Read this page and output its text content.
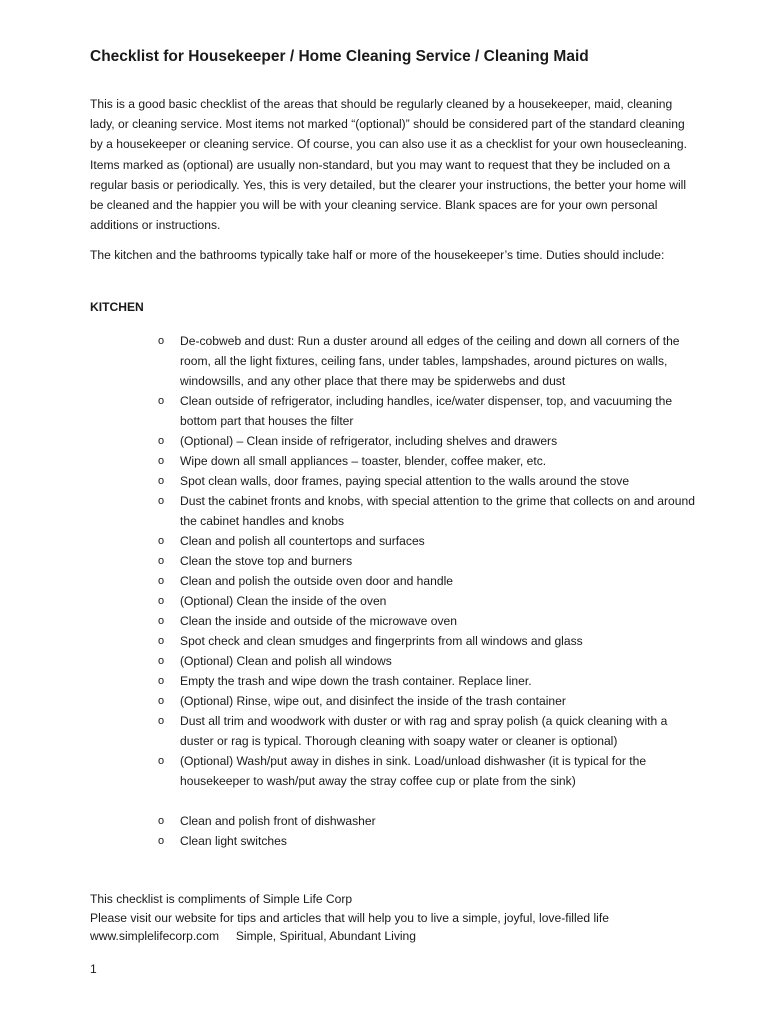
Checklist for Housekeeper / Home Cleaning Service / Cleaning Maid

This is a good basic checklist of the areas that should be regularly cleaned by a housekeeper, maid, cleaning lady, or cleaning service. Most items not marked “(optional)” should be considered part of the standard cleaning by a housekeeper or cleaning service. Of course, you can also use it as a checklist for your own housecleaning. Items marked as (optional) are usually non-standard, but you may want to request that they be included on a regular basis or periodically. Yes, this is very detailed, but the clearer your instructions, the better your home will be cleaned and the happier you will be with your cleaning service. Blank spaces are for your own personal additions or instructions.

The kitchen and the bathrooms typically take half or more of the housekeeper’s time. Duties should include:

KITCHEN

o De-cobweb and dust: Run a duster around all edges of the ceiling and down all corners of the room, all the light fixtures, ceiling fans, under tables, lampshades, around pictures on walls, windowsills, and any other place that there may be spiderwebs and dust
o Clean outside of refrigerator, including handles, ice/water dispenser, top, and vacuuming the bottom part that houses the filter
o (Optional) – Clean inside of refrigerator, including shelves and drawers
o Wipe down all small appliances – toaster, blender, coffee maker, etc.
o Spot clean walls, door frames, paying special attention to the walls around the stove
o Dust the cabinet fronts and knobs, with special attention to the grime that collects on and around the cabinet handles and knobs
o Clean and polish all countertops and surfaces
o Clean the stove top and burners
o Clean and polish the outside oven door and handle
o (Optional) Clean the inside of the oven
o Clean the inside and outside of the microwave oven
o Spot check and clean smudges and fingerprints from all windows and glass
o (Optional) Clean and polish all windows
o Empty the trash and wipe down the trash container. Replace liner.
o (Optional) Rinse, wipe out, and disinfect the inside of the trash container
o Dust all trim and woodwork with duster or with rag and spray polish (a quick cleaning with a duster or rag is typical. Thorough cleaning with soapy water or cleaner is optional)
o (Optional) Wash/put away in dishes in sink. Load/unload dishwasher (it is typical for the housekeeper to wash/put away the stray coffee cup or plate from the sink)
o Clean and polish front of dishwasher
o Clean light switches
This checklist is compliments of Simple Life Corp
Please visit our website for tips and articles that will help you to live a simple, joyful, love-filled life
www.simplelifecorp.com     Simple, Spiritual, Abundant Living
1
